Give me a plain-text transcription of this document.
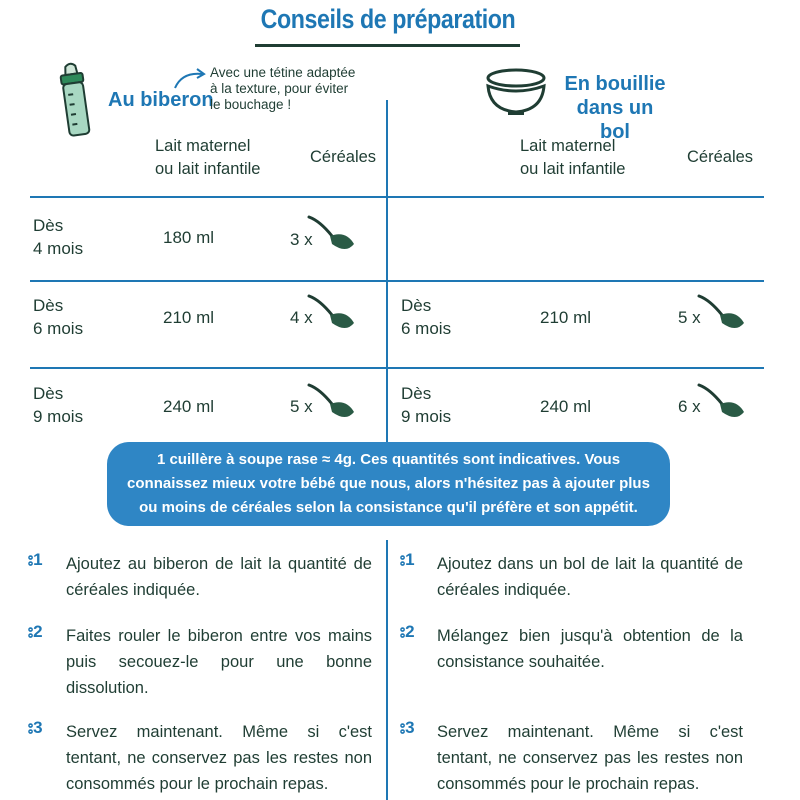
Conseils de préparation
Au biberon
Avec une tétine adaptée
à la texture, pour éviter
le bouchage !
En bouillie
dans un bol
Lait maternel
ou lait infantile
Céréales
Lait maternel
ou lait infantile
Céréales
Dès
4 mois
180 ml	3 x
Dès
6 mois
210 ml	4 x
Dès
9 mois
240 ml	5 x
Dès
6 mois
210 ml	5 x
Dès
9 mois
240 ml	6 x
1 cuillère à soupe rase ≈ 4g. Ces quantités sont indicatives. Vous
connaissez mieux votre bébé que nous, alors n'hésitez pas à ajouter plus
ou moins de céréales selon la consistance qu'il préfère et son appétit.
⦂1 Ajoutez au biberon de lait la quantité de céréales indiquée.
⦂2 Faites rouler le biberon entre vos mains puis secouez-le pour une bonne dissolution.
⦂3 Servez maintenant. Même si c'est tentant, ne conservez pas les restes non consommés pour le prochain repas.
⦂1 Ajoutez dans un bol de lait la quantité de céréales indiquée.
⦂2 Mélangez bien jusqu'à obtention de la consistance souhaitée.
⦂3 Servez maintenant. Même si c'est tentant, ne conservez pas les restes non consommés pour le prochain repas.
